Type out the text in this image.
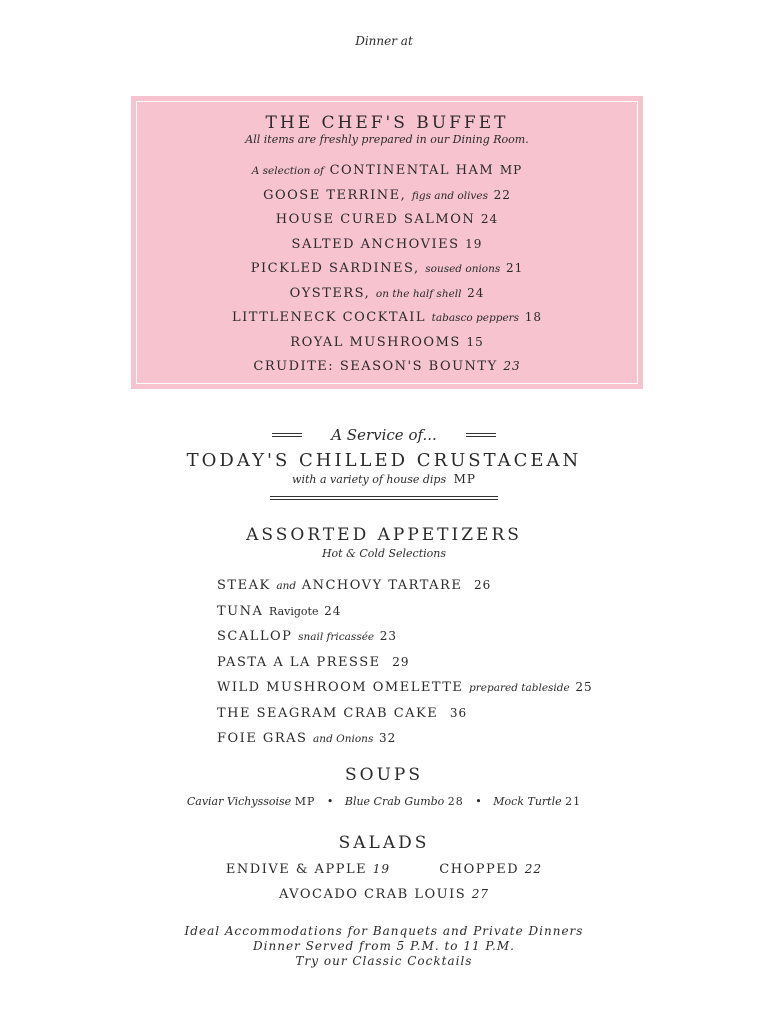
Dinner at
THE CHEF'S BUFFET
All items are freshly prepared in our Dining Room.
A selection of CONTINENTAL HAM MP
GOOSE TERRINE, figs and olives 22
HOUSE CURED SALMON 24
SALTED ANCHOVIES 19
PICKLED SARDINES, soused onions 21
OYSTERS, on the half shell 24
LITTLENECK COCKTAIL tabasco peppers 18
ROYAL MUSHROOMS 15
CRUDITE: SEASON'S BOUNTY 23
A Service of...
TODAY'S CHILLED CRUSTACEAN
with a variety of house dips MP
ASSORTED APPETIZERS
Hot & Cold Selections
STEAK and ANCHOVY TARTARE 26
TUNA Ravigote 24
SCALLOP snail fricassée 23
PASTA A LA PRESSE 29
WILD MUSHROOM OMELETTE prepared tableside 25
THE SEAGRAM CRAB CAKE 36
FOIE GRAS and Onions 32
SOUPS
Caviar Vichyssoise MP • Blue Crab Gumbo 28 • Mock Turtle 21
SALADS
ENDIVE & APPLE 19	CHOPPED 22
AVOCADO CRAB LOUIS 27
Ideal Accommodations for Banquets and Private Dinners
Dinner Served from 5 P.M. to 11 P.M.
Try our Classic Cocktails
